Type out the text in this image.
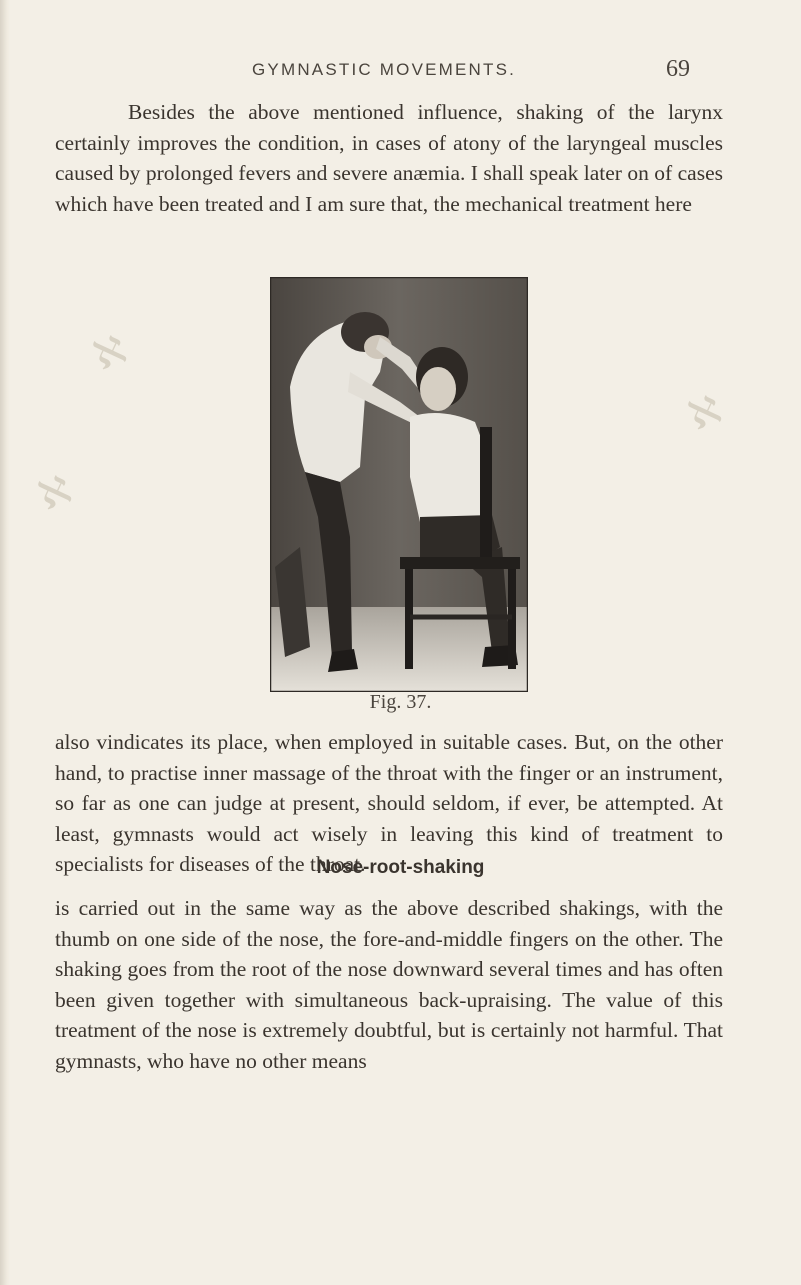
ℵ
ℵ
ℵ
GYMNASTIC MOVEMENTS.	69

Besides the above mentioned influence, shaking of the larynx certainly improves the condition, in cases of atony of the laryngeal muscles caused by prolonged fevers and severe anæmia. I shall speak later on of cases which have been treated and I am sure that, the mechanical treatment here

Fig. 37.

also vindicates its place, when employed in suitable cases. But, on the other hand, to practise inner massage of the throat with the finger or an instrument, so far as one can judge at present, should seldom, if ever, be attempted. At least, gymnasts would act wisely in leaving this kind of treatment to specialists for diseases of the throat.

Nose-root-shaking

is carried out in the same way as the above described shakings, with the thumb on one side of the nose, the fore-and-middle fingers on the other. The shaking goes from the root of the nose downward several times and has often been given together with simultaneous back-upraising. The value of this treatment of the nose is extremely doubtful, but is certainly not harmful. That gymnasts, who have no other means
